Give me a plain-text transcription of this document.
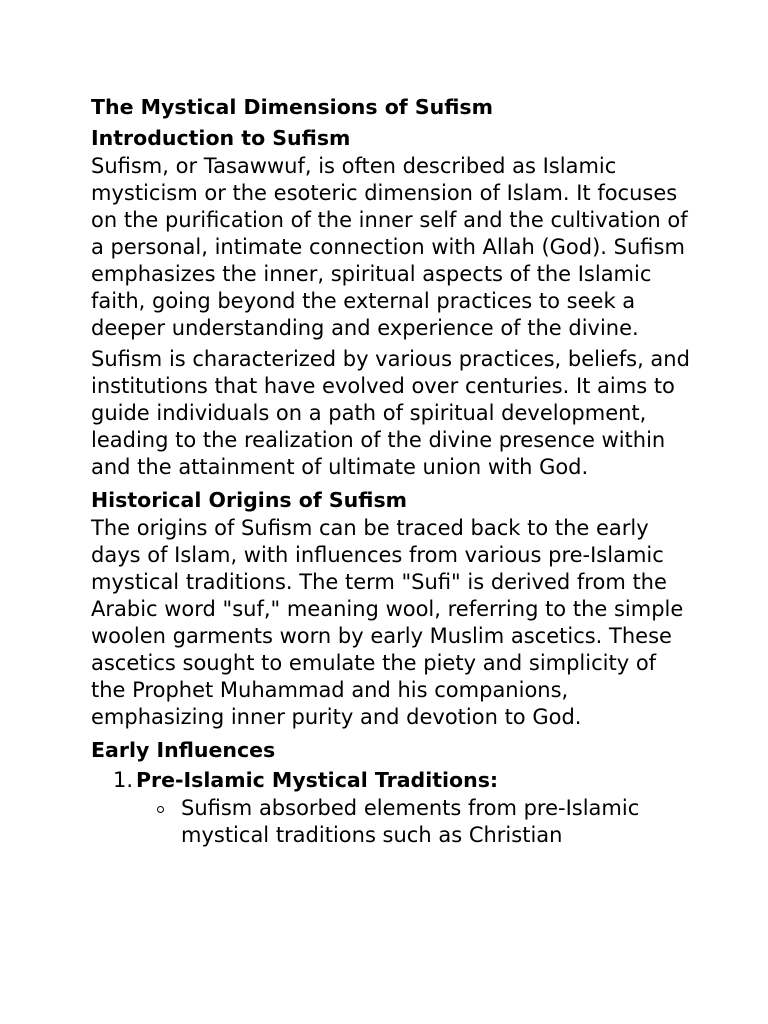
The Mystical Dimensions of Sufism
Introduction to Sufism

Sufism, or Tasawwuf, is often described as Islamic mysticism or the esoteric dimension of Islam. It focuses on the purification of the inner self and the cultivation of a personal, intimate connection with Allah (God). Sufism emphasizes the inner, spiritual aspects of the Islamic faith, going beyond the external practices to seek a deeper understanding and experience of the divine.

Sufism is characterized by various practices, beliefs, and institutions that have evolved over centuries. It aims to guide individuals on a path of spiritual development, leading to the realization of the divine presence within and the attainment of ultimate union with God.

Historical Origins of Sufism

The origins of Sufism can be traced back to the early days of Islam, with influences from various pre-Islamic mystical traditions. The term "Sufi" is derived from the Arabic word "suf," meaning wool, referring to the simple woolen garments worn by early Muslim ascetics. These ascetics sought to emulate the piety and simplicity of the Prophet Muhammad and his companions, emphasizing inner purity and devotion to God.

Early Influences
1. Pre-Islamic Mystical Traditions:
Sufism absorbed elements from pre-Islamic mystical traditions such as Christian
